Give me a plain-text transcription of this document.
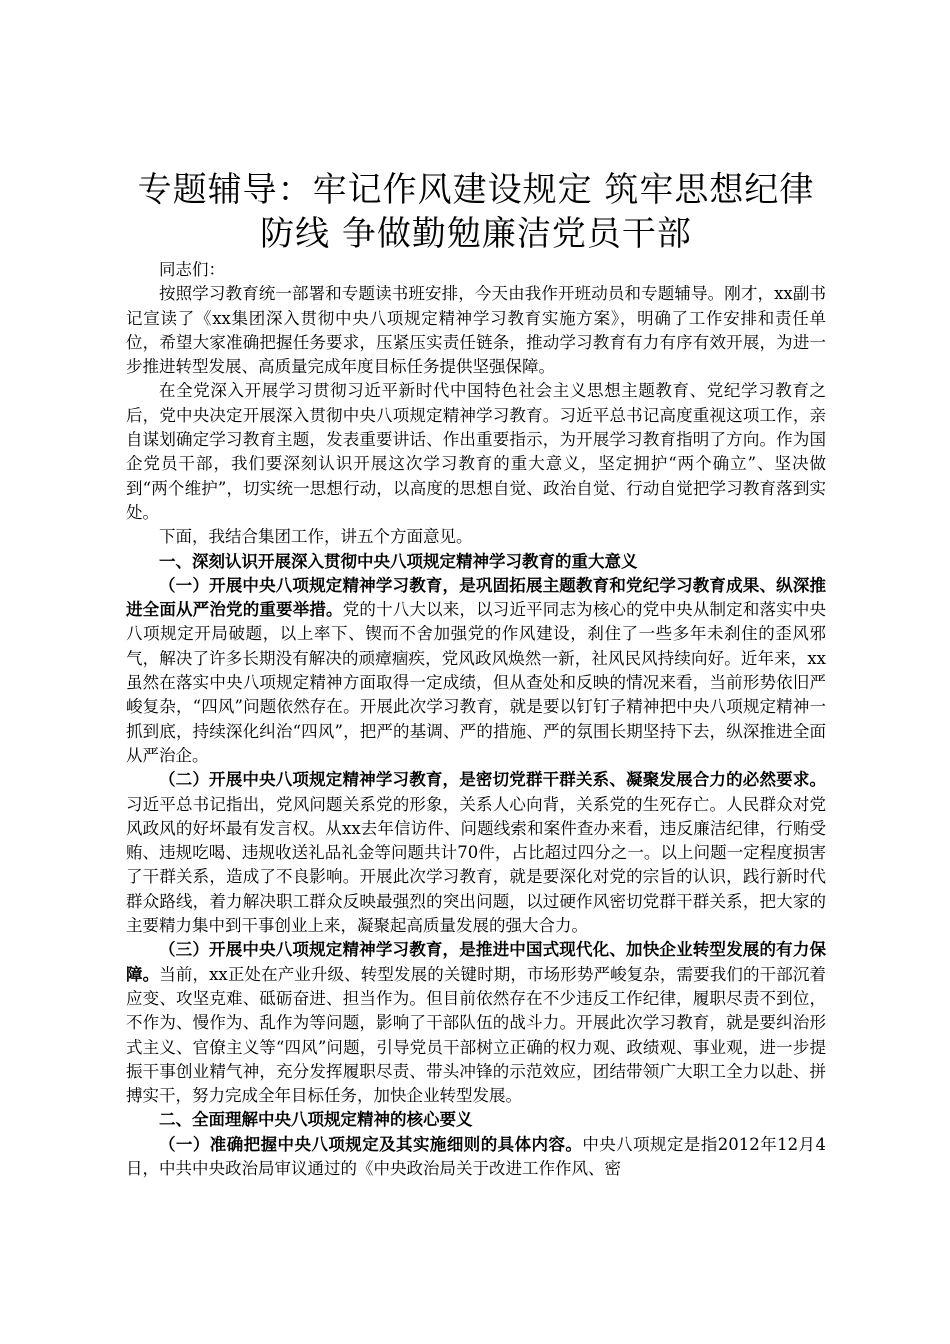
专题辅导：牢记作风建设规定 筑牢思想纪律
防线 争做勤勉廉洁党员干部

同志们：

按照学习教育统一部署和专题读书班安排，今天由我作开班动员和专题辅导。刚才，xx副书记宣读了《xx集团深入贯彻中央八项规定精神学习教育实施方案》，明确了工作安排和责任单位，希望大家准确把握任务要求，压紧压实责任链条，推动学习教育有力有序有效开展，为进一步推进转型发展、高质量完成年度目标任务提供坚强保障。

在全党深入开展学习贯彻习近平新时代中国特色社会主义思想主题教育、党纪学习教育之后，党中央决定开展深入贯彻中央八项规定精神学习教育。习近平总书记高度重视这项工作，亲自谋划确定学习教育主题，发表重要讲话、作出重要指示，为开展学习教育指明了方向。作为国企党员干部，我们要深刻认识开展这次学习教育的重大意义，坚定拥护“两个确立”、坚决做到“两个维护”，切实统一思想行动，以高度的思想自觉、政治自觉、行动自觉把学习教育落到实处。

下面，我结合集团工作，讲五个方面意见。

一、深刻认识开展深入贯彻中央八项规定精神学习教育的重大意义

（一）开展中央八项规定精神学习教育，是巩固拓展主题教育和党纪学习教育成果、纵深推进全面从严治党的重要举措。党的十八大以来，以习近平同志为核心的党中央从制定和落实中央八项规定开局破题，以上率下、锲而不舍加强党的作风建设，刹住了一些多年未刹住的歪风邪气，解决了许多长期没有解决的顽瘴痼疾，党风政风焕然一新，社风民风持续向好。近年来，xx虽然在落实中央八项规定精神方面取得一定成绩，但从查处和反映的情况来看，当前形势依旧严峻复杂，“四风”问题依然存在。开展此次学习教育，就是要以钉钉子精神把中央八项规定精神一抓到底，持续深化纠治“四风”，把严的基调、严的措施、严的氛围长期坚持下去，纵深推进全面从严治企。

（二）开展中央八项规定精神学习教育，是密切党群干群关系、凝聚发展合力的必然要求。习近平总书记指出，党风问题关系党的形象，关系人心向背，关系党的生死存亡。人民群众对党风政风的好坏最有发言权。从xx去年信访件、问题线索和案件查办来看，违反廉洁纪律，行贿受贿、违规吃喝、违规收送礼品礼金等问题共计70件，占比超过四分之一。以上问题一定程度损害了干群关系，造成了不良影响。开展此次学习教育，就是要深化对党的宗旨的认识，践行新时代群众路线，着力解决职工群众反映最强烈的突出问题，以过硬作风密切党群干群关系，把大家的主要精力集中到干事创业上来，凝聚起高质量发展的强大合力。

（三）开展中央八项规定精神学习教育，是推进中国式现代化、加快企业转型发展的有力保障。当前，xx正处在产业升级、转型发展的关键时期，市场形势严峻复杂，需要我们的干部沉着应变、攻坚克难、砥砺奋进、担当作为。但目前依然存在不少违反工作纪律，履职尽责不到位，不作为、慢作为、乱作为等问题，影响了干部队伍的战斗力。开展此次学习教育，就是要纠治形式主义、官僚主义等“四风”问题，引导党员干部树立正确的权力观、政绩观、事业观，进一步提振干事创业精气神，充分发挥履职尽责、带头冲锋的示范效应，团结带领广大职工全力以赴、拼搏实干，努力完成全年目标任务，加快企业转型发展。

二、全面理解中央八项规定精神的核心要义

（一）准确把握中央八项规定及其实施细则的具体内容。中央八项规定是指2012年12月4日，中共中央政治局审议通过的《中央政治局关于改进工作作风、密
